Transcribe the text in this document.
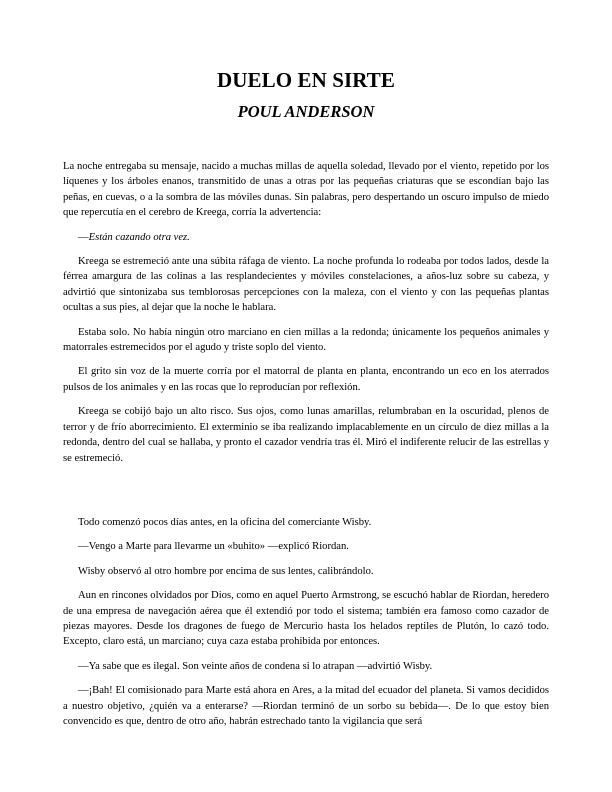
DUELO EN SIRTE
POUL ANDERSON

La noche entregaba su mensaje, nacido a muchas millas de aquella soledad, llevado por el viento, repetido por los líquenes y los árboles enanos, transmitido de unas a otras por las pequeñas criaturas que se escondían bajo las peñas, en cuevas, o a la sombra de las móviles dunas. Sin palabras, pero despertando un oscuro impulso de miedo que repercutía en el cerebro de Kreega, corría la advertencia:

—Están cazando otra vez.

Kreega se estremeció ante una súbita ráfaga de viento. La noche profunda lo rodeaba por todos lados, desde la férrea amargura de las colinas a las resplandecientes y móviles constelaciones, a años-luz sobre su cabeza, y advirtió que sintonizaba sus temblorosas percepciones con la maleza, con el viento y con las pequeñas plantas ocultas a sus pies, al dejar que la noche le hablara.

Estaba solo. No había ningún otro marciano en cien millas a la redonda; únicamente los pequeños animales y matorrales estremecidos por el agudo y triste soplo del viento.

El grito sin voz de la muerte corría por el matorral de planta en planta, encontrando un eco en los aterrados pulsos de los animales y en las rocas que lo reproducían por reflexión.

Kreega se cobijó bajo un alto risco. Sus ojos, como lunas amarillas, relumbraban en la oscuridad, plenos de terror y de frío aborrecimiento. El exterminio se iba realizando implacablemente en un círculo de diez millas a la redonda, dentro del cual se hallaba, y pronto el cazador vendría tras él. Miró el indiferente relucir de las estrellas y se estremeció.

Todo comenzó pocos días antes, en la oficina del comerciante Wisby.

—Vengo a Marte para llevarme un «buhito» —explicó Riordan.

Wisby observó al otro hombre por encima de sus lentes, calibrándolo.

Aun en rincones olvidados por Dios, como en aquel Puerto Armstrong, se escuchó hablar de Riordan, heredero de una empresa de navegación aérea que él extendió por todo el sistema; también era famoso como cazador de piezas mayores. Desde los dragones de fuego de Mercurio hasta los helados reptiles de Plutón, lo cazó todo. Excepto, claro está, un marciano; cuya caza estaba prohibida por entonces.

—Ya sabe que es ilegal. Son veinte años de condena si lo atrapan —advirtió Wisby.

—¡Bah! El comisionado para Marte está ahora en Ares, a la mitad del ecuador del planeta. Si vamos decididos a nuestro objetivo, ¿quién va a enterarse? —Riordan terminó de un sorbo su bebida—. De lo que estoy bien convencido es que, dentro de otro año, habrán estrechado tanto la vigilancia que será
